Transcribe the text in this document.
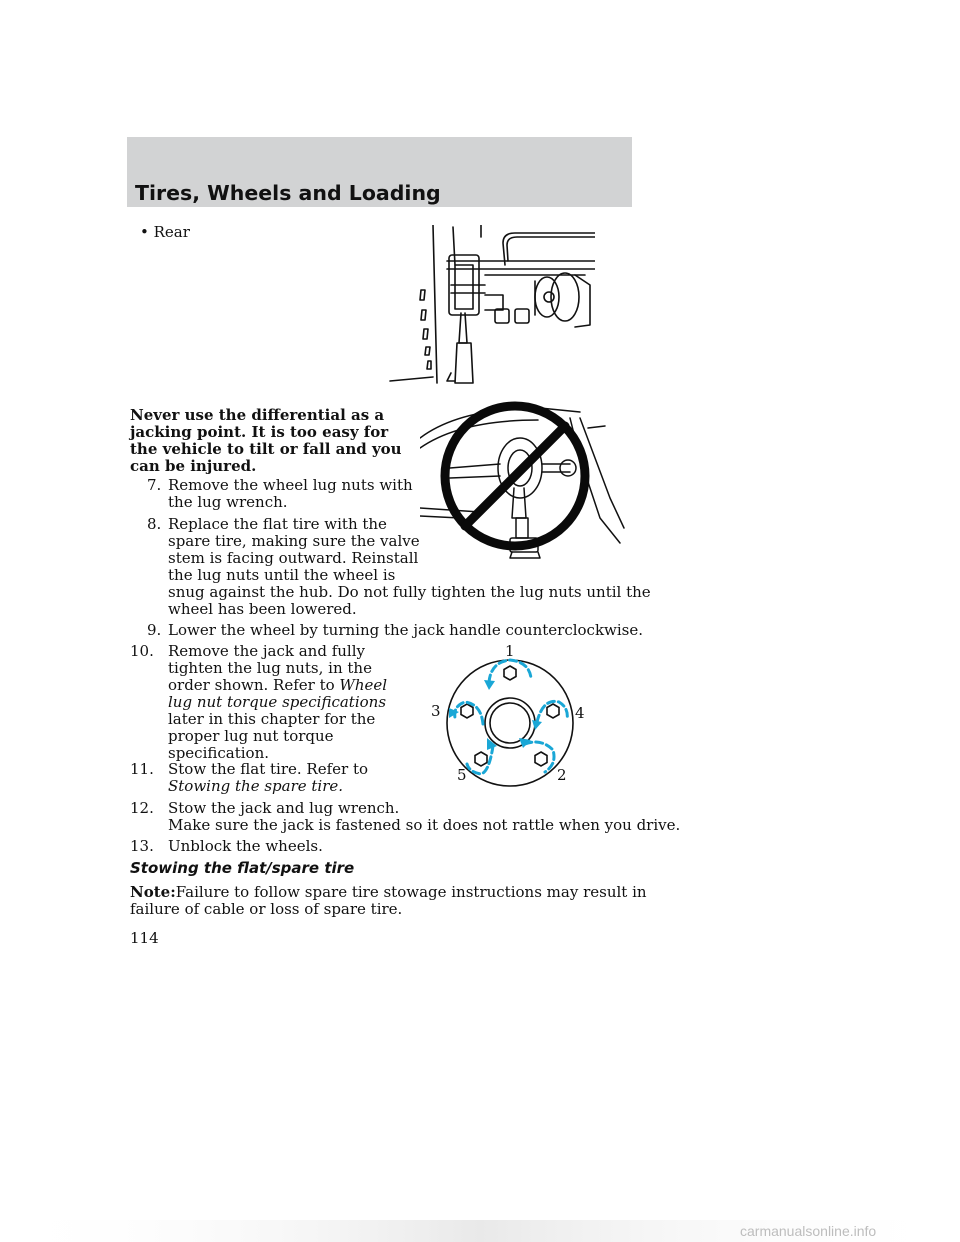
Tires, Wheels and Loading
• Rear
Never use the differential as a
jacking point. It is too easy for
the vehicle to tilt or fall and you
can be injured.
7. Remove the wheel lug nuts with
the lug wrench.
8. Replace the flat tire with the
spare tire, making sure the valve
stem is facing outward. Reinstall
the lug nuts until the wheel is
snug against the hub. Do not fully tighten the lug nuts until the
wheel has been lowered.
9. Lower the wheel by turning the jack handle counterclockwise.
10. Remove the jack and fully
tighten the lug nuts, in the
order shown. Refer to Wheel
lug nut torque specifications
later in this chapter for the
proper lug nut torque
specification.
1
3	4
5	2
11. Stow the flat tire. Refer to
Stowing the spare tire.
12. Stow the jack and lug wrench.
Make sure the jack is fastened so it does not rattle when you drive.
13. Unblock the wheels.
Stowing the flat/spare tire
Note:Failure to follow spare tire stowage instructions may result in
failure of cable or loss of spare tire.
114
carmanualsonline.info
